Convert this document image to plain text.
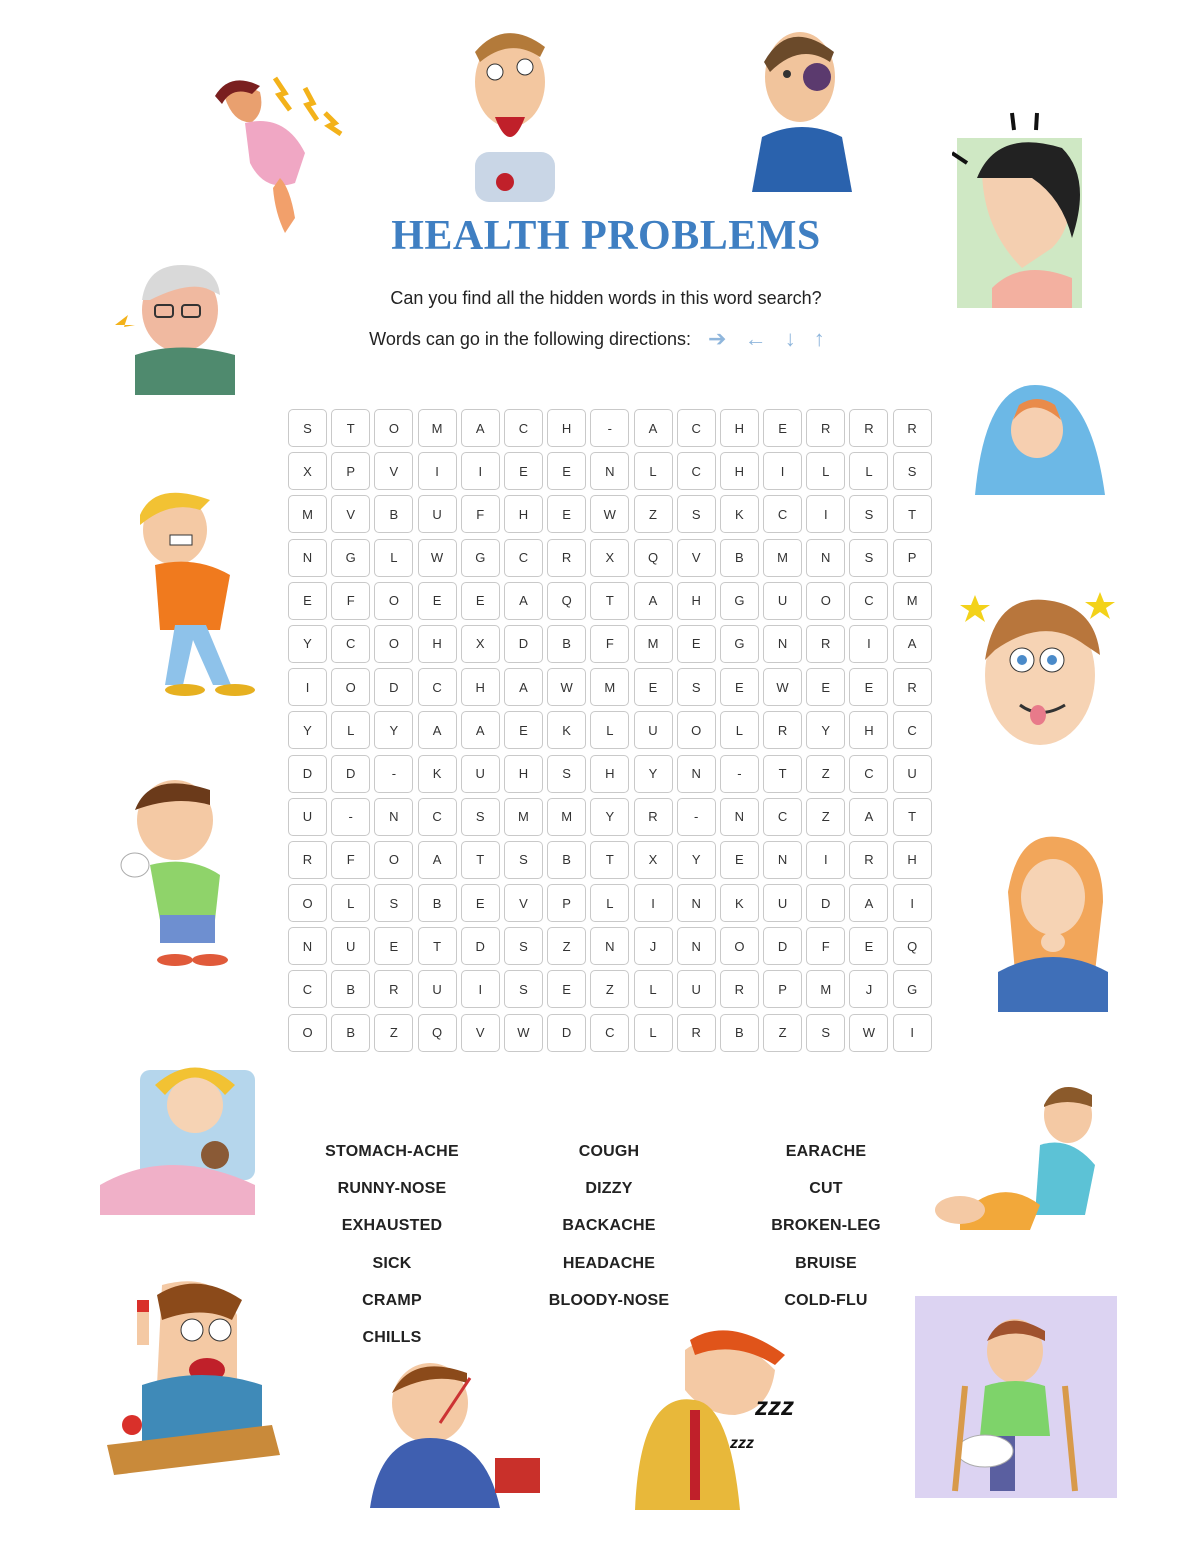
HEALTH PROBLEMS
Can you find all the hidden words in this word search?
Words can go in the following directions: ➔ ← ↓ ↑
S	T	O	M	A	C	H	-	A	C	H	E	R	R	R
X	P	V	I	I	E	E	N	L	C	H	I	L	L	S
M	V	B	U	F	H	E	W	Z	S	K	C	I	S	T
N	G	L	W	G	C	R	X	Q	V	B	M	N	S	P
E	F	O	E	E	A	Q	T	A	H	G	U	O	C	M
Y	C	O	H	X	D	B	F	M	E	G	N	R	I	A
I	O	D	C	H	A	W	M	E	S	E	W	E	E	R
Y	L	Y	A	A	E	K	L	U	O	L	R	Y	H	C
D	D	-	K	U	H	S	H	Y	N	-	T	Z	C	U
U	-	N	C	S	M	M	Y	R	-	N	C	Z	A	T
R	F	O	A	T	S	B	T	X	Y	E	N	I	R	H
O	L	S	B	E	V	P	L	I	N	K	U	D	A	I
N	U	E	T	D	S	Z	N	J	N	O	D	F	E	Q
C	B	R	U	I	S	E	Z	L	U	R	P	M	J	G
O	B	Z	Q	V	W	D	C	L	R	B	Z	S	W	I
STOMACH-ACHE
RUNNY-NOSE
EXHAUSTED
SICK
CRAMP
CHILLS
COUGH
DIZZY
BACKACHE
HEADACHE
BLOODY-NOSE
EARACHE
CUT
BROKEN-LEG
BRUISE
COLD-FLU
zzz
zzz
